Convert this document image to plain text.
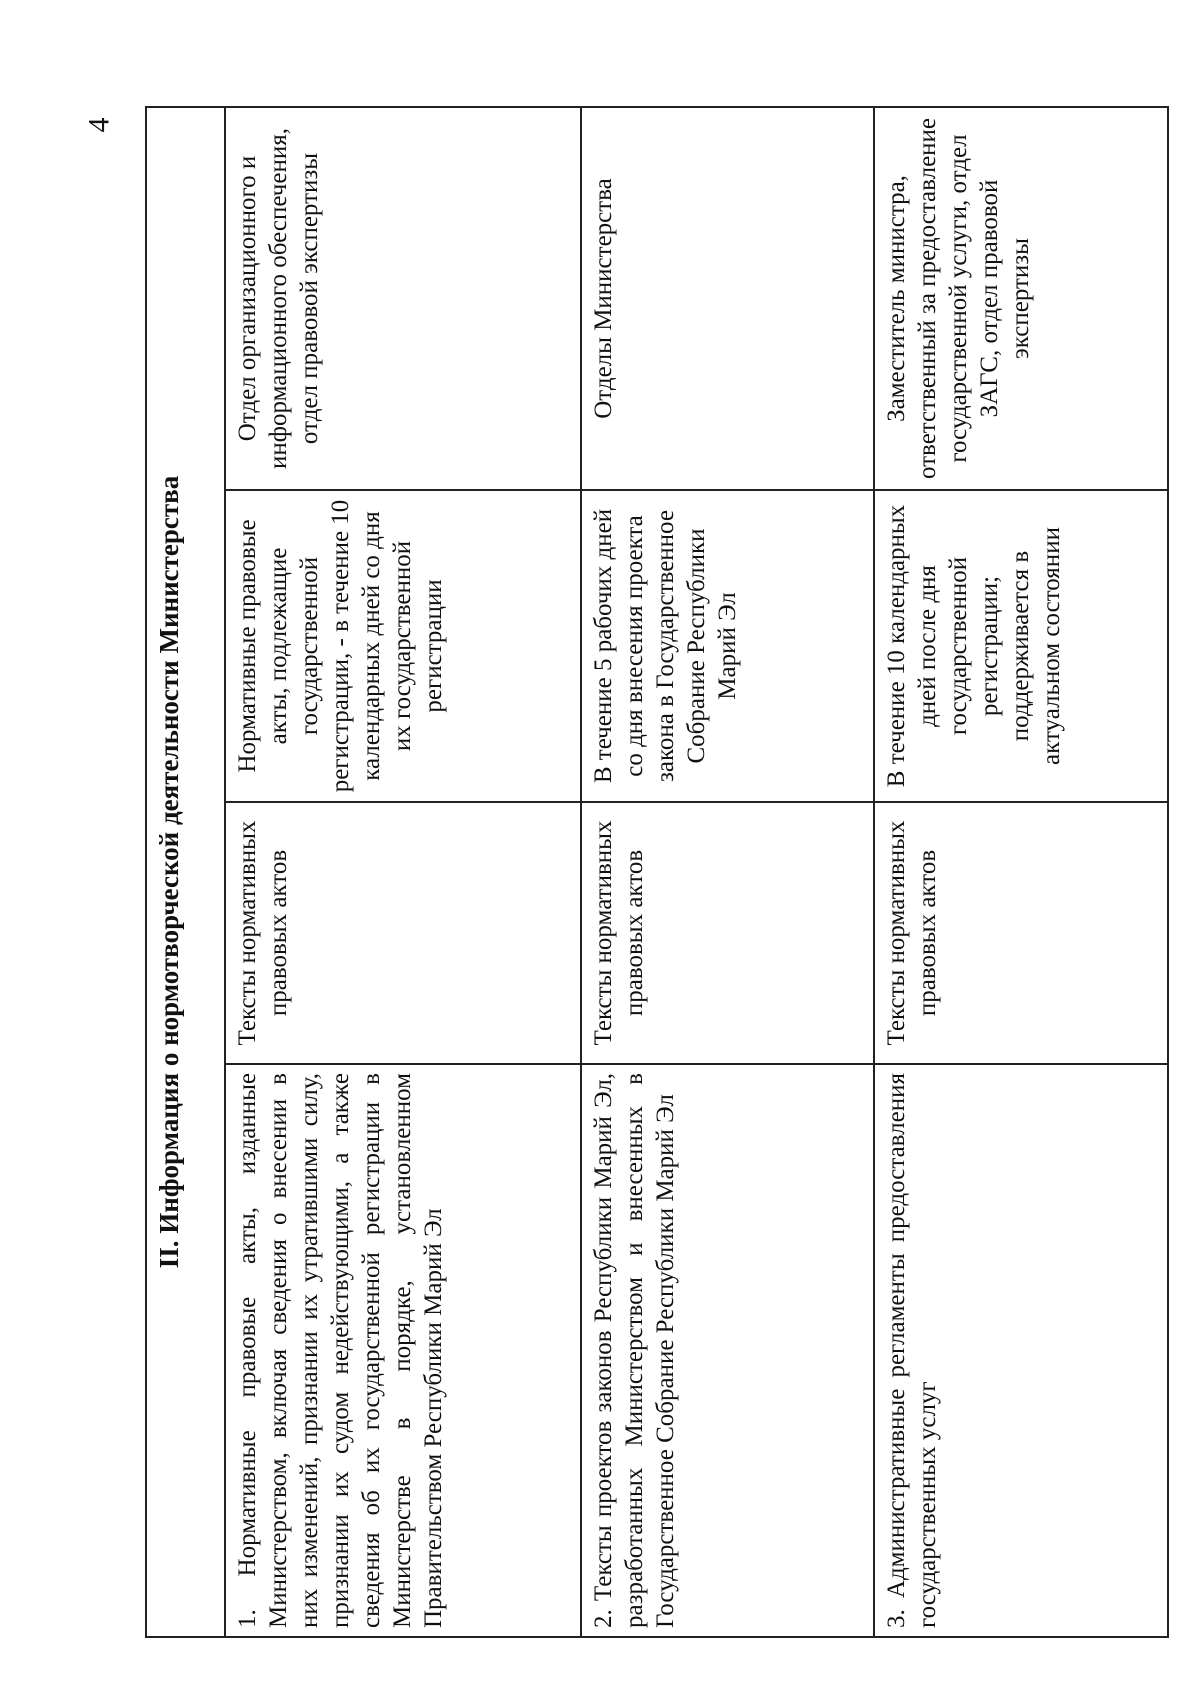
4
II. Информация о нормотворческой деятельности Министерства			
1. Нормативные правовые акты, изданные Министерством, включая сведения о внесении в них изменений, признании их утратившими силу, признании их судом недействующими, а также сведения об их государственной регистрации в Министерстве в порядке, установленном Правительством Республики Марий Эл	Тексты нормативных правовых актов	Нормативные правовые акты, подлежащие государственной регистрации, - в течение 10 календарных дней со дня их государственной регистрации	Отдел организационного и информационного обеспечения, отдел правовой экспертизы
2. Тексты проектов законов Республики Марий Эл, разработанных Министерством и внесенных в Государственное Собрание Республики Марий Эл	Тексты нормативных правовых актов	В течение 5 рабочих дней со дня внесения проекта закона в Государственное Собрание Республики Марий Эл	Отделы Министерства
3. Административные регламенты предоставления государственных услуг	Тексты нормативных правовых актов	В течение 10 календарных дней после дня государственной регистрации; поддерживается в актуальном состоянии	Заместитель министра, ответственный за предоставление государственной услуги, отдел ЗАГС, отдел правовой экспертизы
